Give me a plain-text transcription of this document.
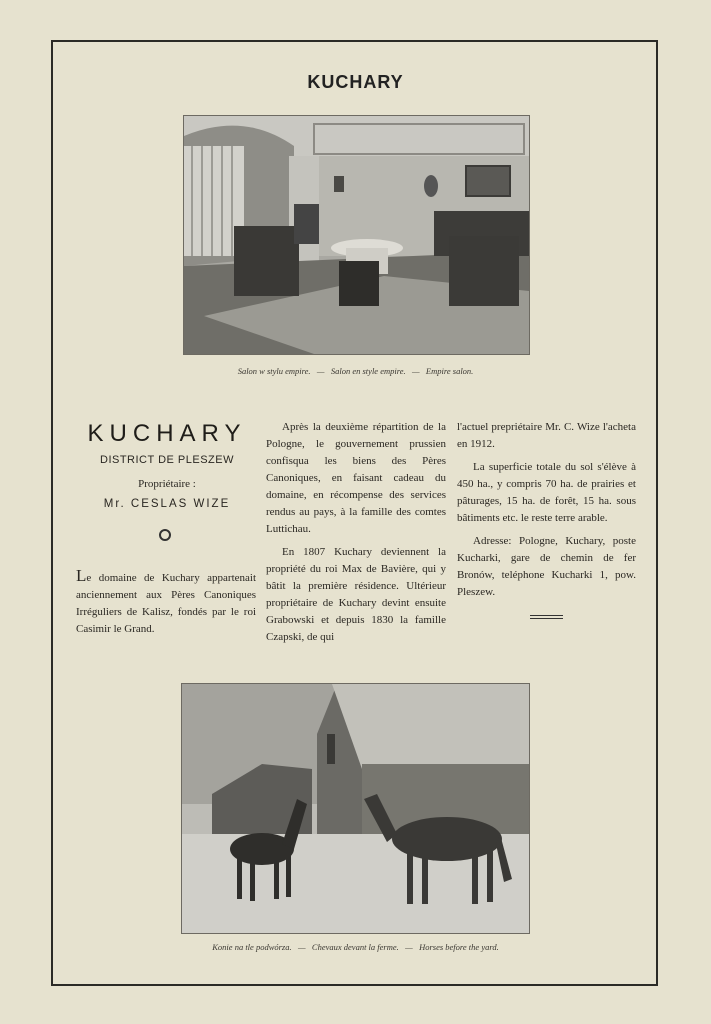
KUCHARY
Salon w stylu empire.   —   Salon en style empire.   —   Empire salon.
KUCHARY
DISTRICT DE PLESZEW
Propriétaire :
Mr. CESLAS WIZE

Le domaine de Kuchary appartenait anciennement aux Pères Canoniques Irréguliers de Kalisz, fondés par le roi Casimir le Grand.

Après la deuxième répartition de la Pologne, le gouvernement prussien confisqua les biens des Pères Canoniques, en faisant cadeau du domaine, en récompense des services rendus au pays, à la famille des comtes Luttichau.

En 1807 Kuchary deviennent la propriété du roi Max de Bavière, qui y bâtit la première résidence. Ultérieur propriétaire de Kuchary devint ensuite Grabowski et depuis 1830 la famille Czapski, de qui

l'actuel prepriétaire Mr. C. Wize l'acheta en 1912.

La superficie totale du sol s'élève à 450 ha., y compris 70 ha. de prairies et pâturages, 15 ha. de forêt, 15 ha. sous bâtiments etc. le reste terre arable.

Adresse: Pologne, Kuchary, poste Kucharki, gare de chemin de fer Bronów, teléphone Kucharki 1, pow. Pleszew.

Konie na tle podwórza.   —   Chevaux devant la ferme.   —   Horses before the yard.
